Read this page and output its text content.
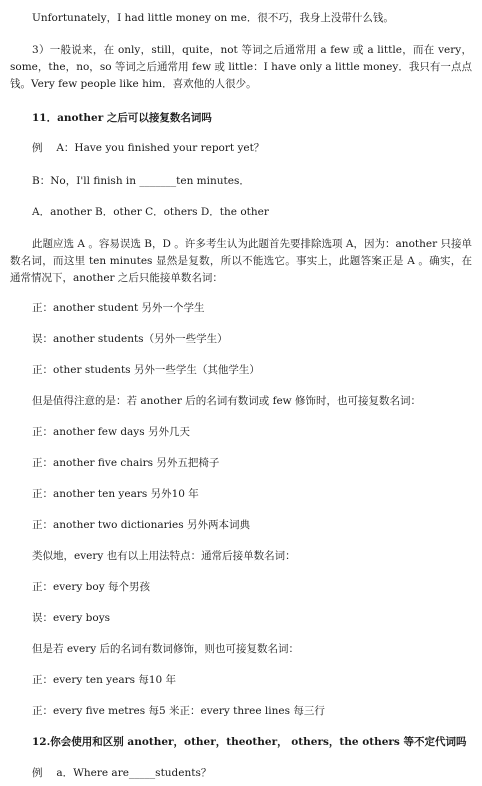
Unfortunately，I had little money on me．很不巧，我身上没带什么钱。
3）一般说来，在 only，still，quite，not 等词之后通常用 a few 或 a little，而在 very，some，the，no，so 等词之后通常用 few 或 little：I have only a little money．我只有一点点钱。Very few people like him．喜欢他的人很少。
11．another 之后可以接复数名词吗
例　 A：Have you finished your report yet？
B：No，I'll finish in _______ten minutes．
A．another B．other C．others D．the other
此题应选 A 。容易误选 B，D 。许多考生认为此题首先要排除选项 A，因为：another 只接单数名词，而这里 ten minutes 显然是复数，所以不能选它。事实上，此题答案正是 A 。确实，在通常情况下，another 之后只能接单数名词：
正：another student 另外一个学生
误：another students（另外一些学生）
正：other students 另外一些学生（其他学生）
但是值得注意的是：若 another 后的名词有数词或 few 修饰时，也可接复数名词：
正：another few days 另外几天
正：another five chairs 另外五把椅子
正：another ten years 另外10 年
正：another two dictionaries 另外两本词典
类似地，every 也有以上用法特点：通常后接单数名词：
正：every boy 每个男孩
误：every boys
但是若 every 后的名词有数词修饰，则也可接复数名词：
正：every ten years 每10 年
正：every five metres 每5 米正：every three lines 每三行
12.你会使用和区别 another，other，theother， others，the others 等不定代词吗
例　 a．Where are_____students？
